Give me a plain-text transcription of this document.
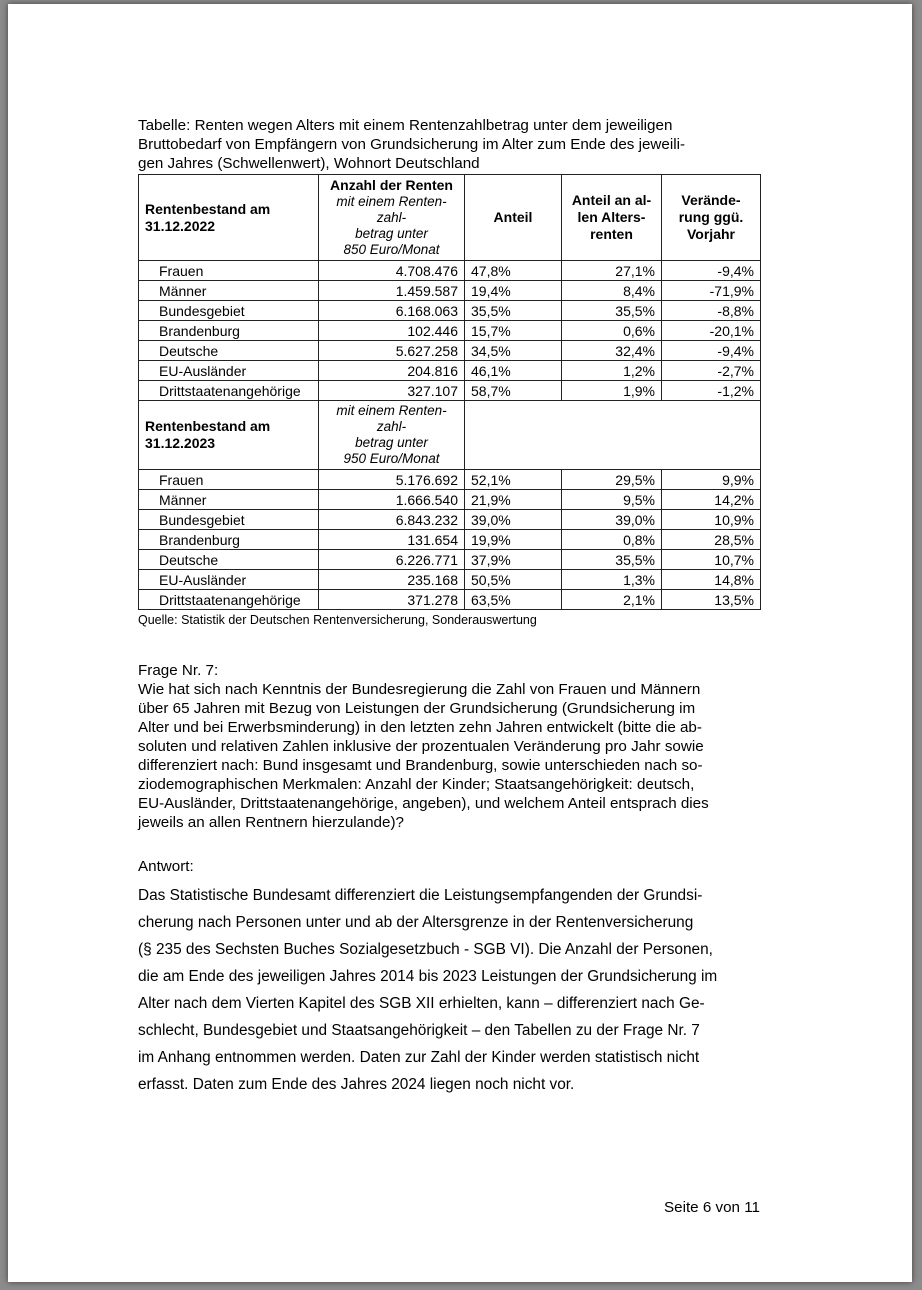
Tabelle: Renten wegen Alters mit einem Rentenzahlbetrag unter dem jeweiligen
Bruttobedarf von Empfängern von Grundsicherung im Alter zum Ende des jeweili-
gen Jahres (Schwellenwert), Wohnort Deutschland

Rentenbestand am
31.12.2022	Anzahl der Renten
mit einem Renten-
zahl-
betrag unter
850 Euro/Monat	Anteil	Anteil an al-
len Alters-
renten	Verände-
rung ggü.
Vorjahr
Frauen	4.708.476	47,8%	27,1%	-9,4%
Männer	1.459.587	19,4%	8,4%	-71,9%
Bundesgebiet	6.168.063	35,5%	35,5%	-8,8%
Brandenburg	102.446	15,7%	0,6%	-20,1%
Deutsche	5.627.258	34,5%	32,4%	-9,4%
EU-Ausländer	204.816	46,1%	1,2%	-2,7%
Drittstaatenangehörige	327.107	58,7%	1,9%	-1,2%
Rentenbestand am
31.12.2023	mit einem Renten-
zahl-
betrag unter
950 Euro/Monat			

Frauen	5.176.692	52,1%	29,5%	9,9%
Männer	1.666.540	21,9%	9,5%	14,2%
Bundesgebiet	6.843.232	39,0%	39,0%	10,9%
Brandenburg	131.654	19,9%	0,8%	28,5%
Deutsche	6.226.771	37,9%	35,5%	10,7%
EU-Ausländer	235.168	50,5%	1,3%	14,8%
Drittstaatenangehörige	371.278	63,5%	2,1%	13,5%
Quelle: Statistik der Deutschen Rentenversicherung, Sonderauswertung
Frage Nr. 7:
Wie hat sich nach Kenntnis der Bundesregierung die Zahl von Frauen und Männern
über 65 Jahren mit Bezug von Leistungen der Grundsicherung (Grundsicherung im
Alter und bei Erwerbsminderung) in den letzten zehn Jahren entwickelt (bitte die ab-
soluten und relativen Zahlen inklusive der prozentualen Veränderung pro Jahr sowie
differenziert nach: Bund insgesamt und Brandenburg, sowie unterschieden nach so-
ziodemographischen Merkmalen: Anzahl der Kinder; Staatsangehörigkeit: deutsch,
EU-Ausländer, Drittstaatenangehörige, angeben), und welchem Anteil entsprach dies
jeweils an allen Rentnern hierzulande)?
Antwort:
Das Statistische Bundesamt differenziert die Leistungsempfangenden der Grundsi-
cherung nach Personen unter und ab der Altersgrenze in der Rentenversicherung
(§ 235 des Sechsten Buches Sozialgesetzbuch - SGB VI). Die Anzahl der Personen,
die am Ende des jeweiligen Jahres 2014 bis 2023 Leistungen der Grundsicherung im
Alter nach dem Vierten Kapitel des SGB XII erhielten, kann – differenziert nach Ge-
schlecht, Bundesgebiet und Staatsangehörigkeit – den Tabellen zu der Frage Nr. 7
im Anhang entnommen werden. Daten zur Zahl der Kinder werden statistisch nicht
erfasst. Daten zum Ende des Jahres 2024 liegen noch nicht vor.
Seite 6 von 11
